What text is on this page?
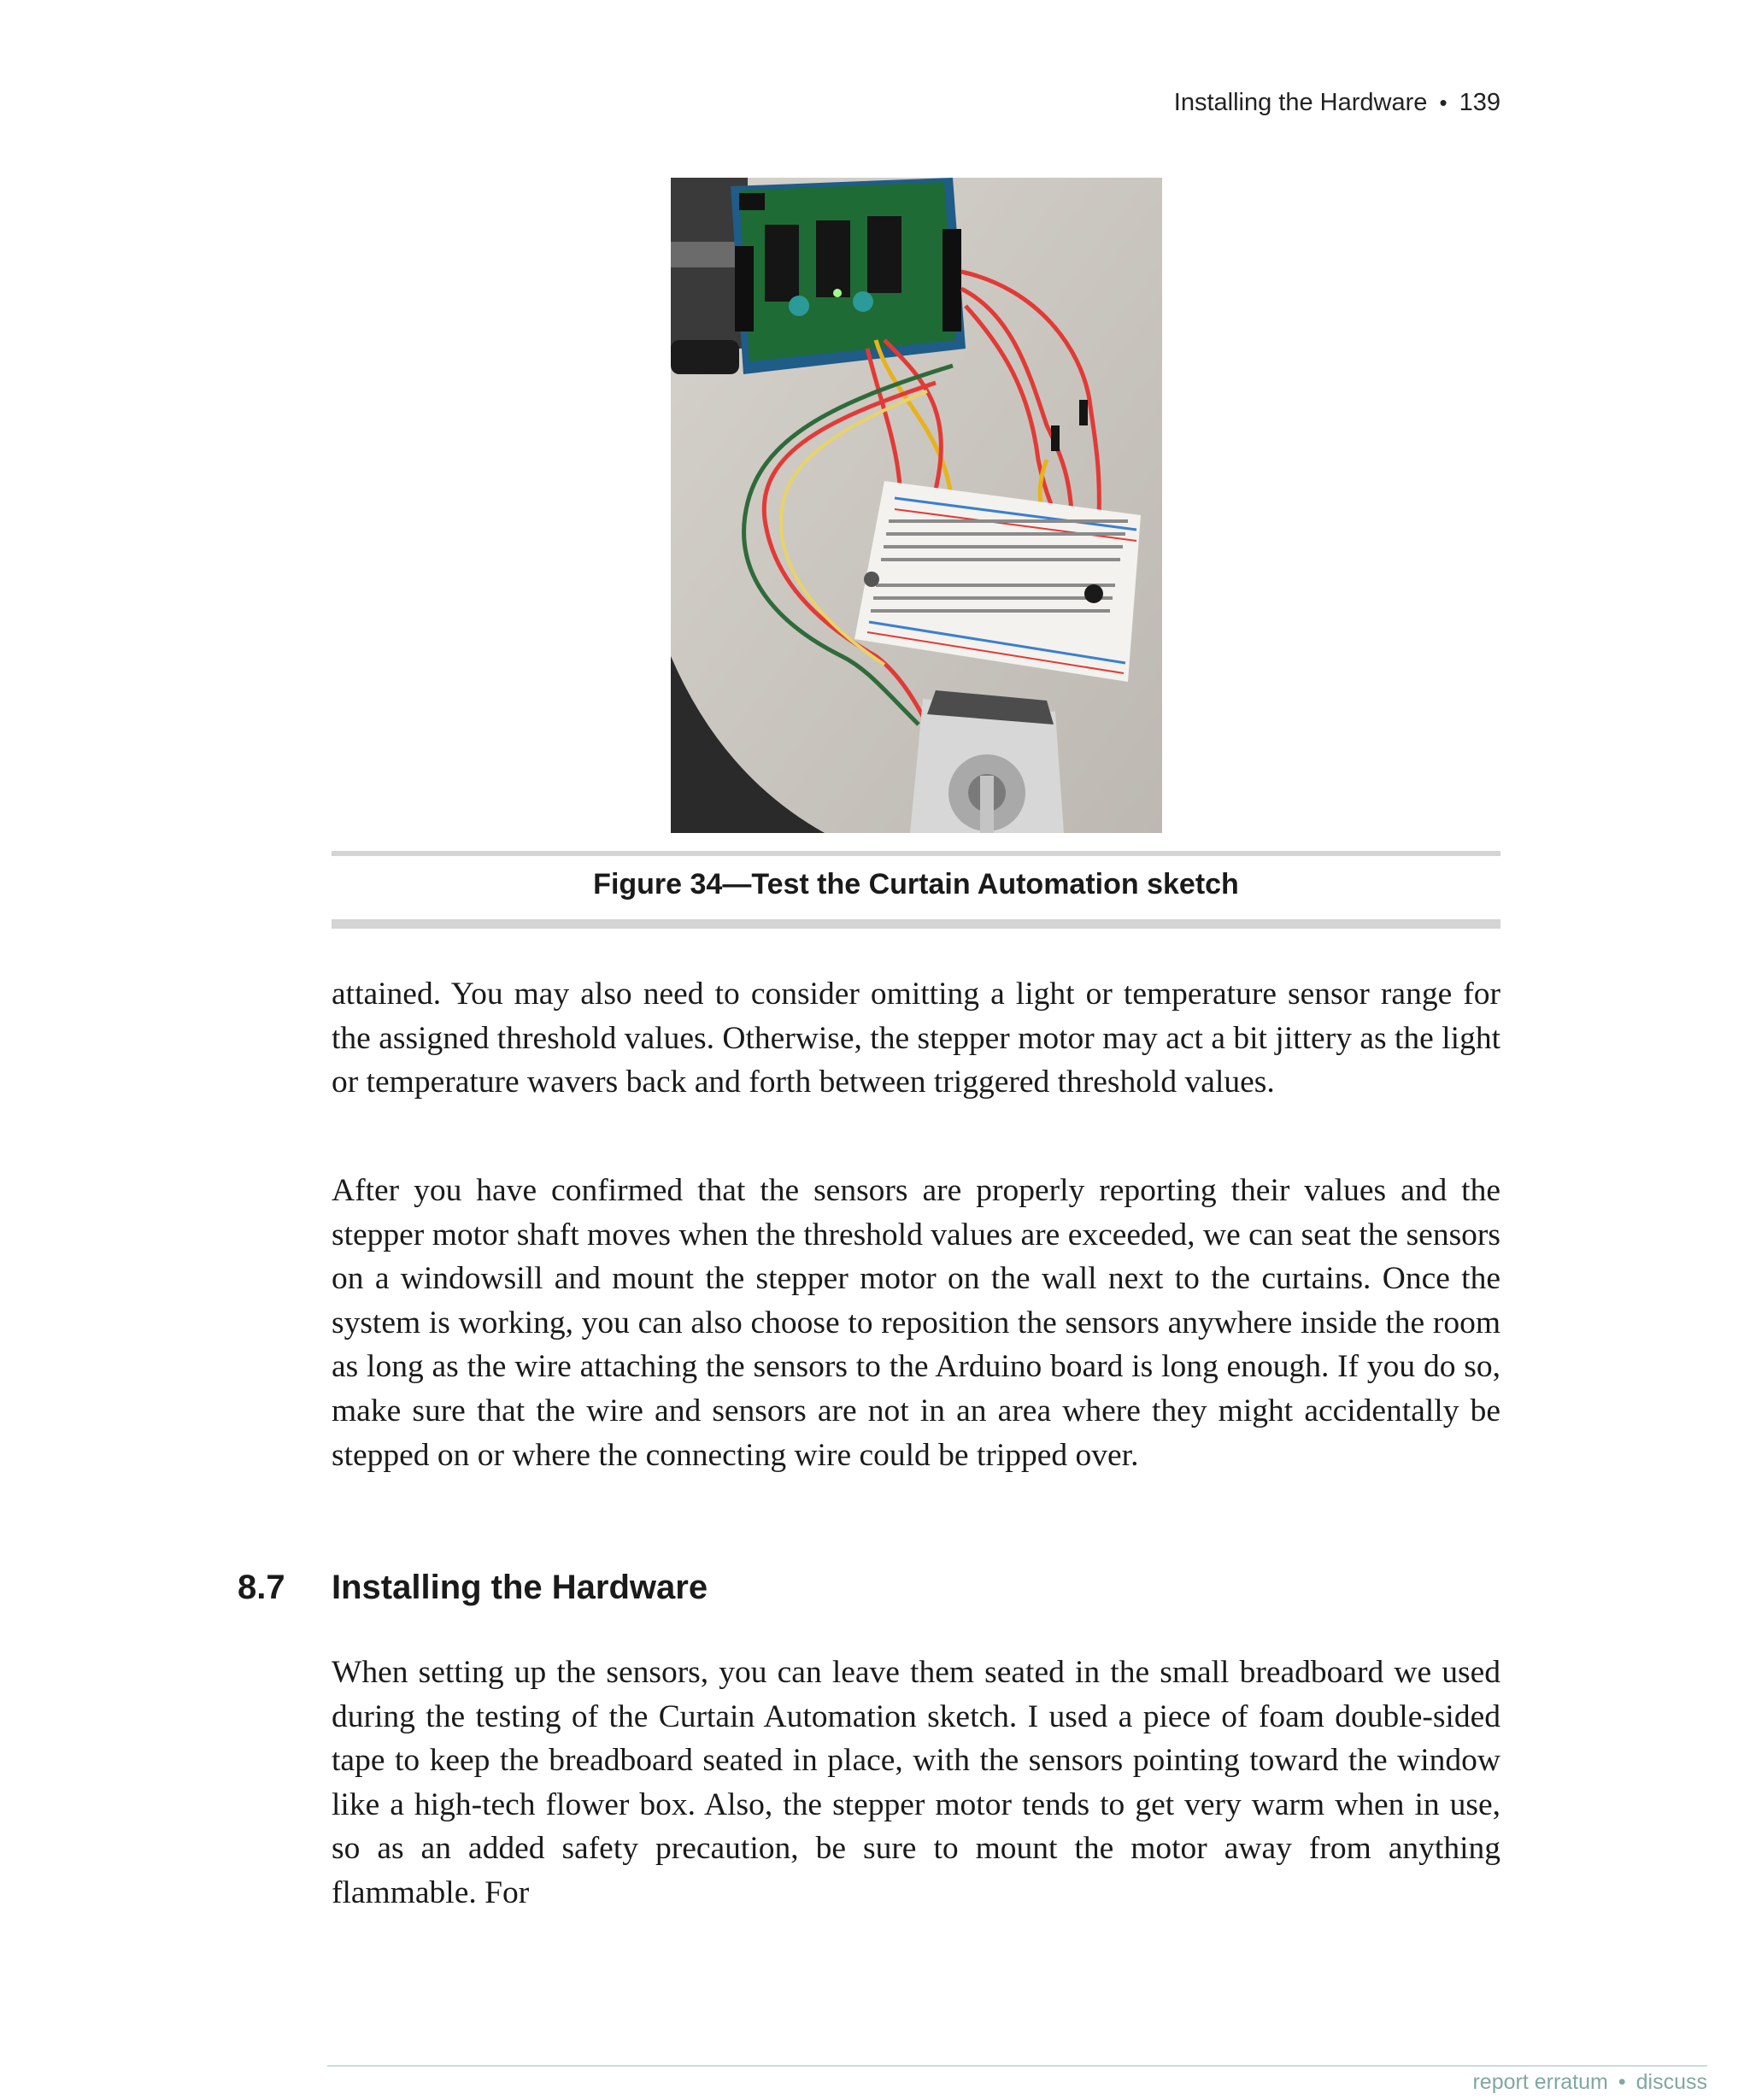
Installing the Hardware • 139
Figure 34—Test the Curtain Automation sketch

attained. You may also need to consider omitting a light or temperature sensor range for the assigned threshold values. Otherwise, the stepper motor may act a bit jittery as the light or temperature wavers back and forth between triggered threshold values.

After you have confirmed that the sensors are properly reporting their values and the stepper motor shaft moves when the threshold values are exceeded, we can seat the sensors on a windowsill and mount the stepper motor on the wall next to the curtains. Once the system is working, you can also choose to reposition the sensors anywhere inside the room as long as the wire attaching the sensors to the Arduino board is long enough. If you do so, make sure that the wire and sensors are not in an area where they might accidentally be stepped on or where the connecting wire could be tripped over.

8.7 Installing the Hardware

When setting up the sensors, you can leave them seated in the small breadboard we used during the testing of the Curtain Automation sketch. I used a piece of foam double-sided tape to keep the breadboard seated in place, with the sensors pointing toward the window like a high-tech flower box. Also, the stepper motor tends to get very warm when in use, so as an added safety precaution, be sure to mount the motor away from anything flammable. For

report erratum • discuss
